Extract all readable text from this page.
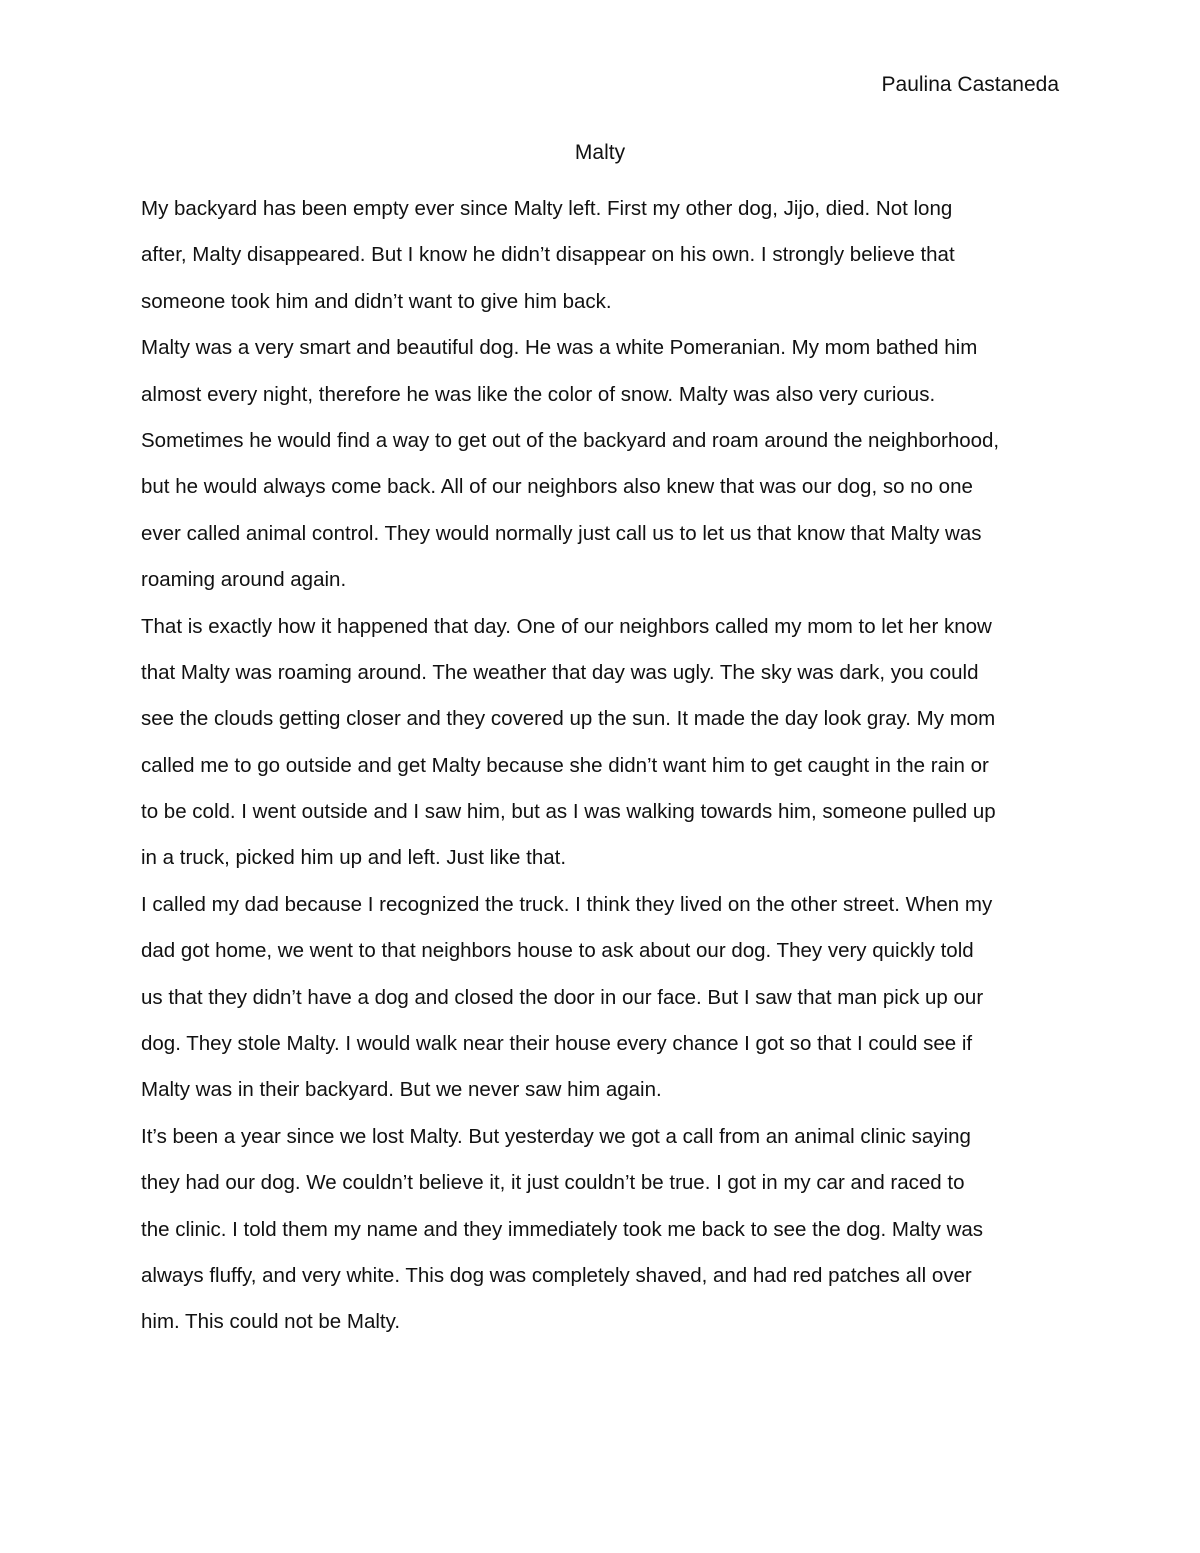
Paulina Castaneda
Malty
My backyard has been empty ever since Malty left. First my other dog, Jijo, died. Not long
after, Malty disappeared. But I know he didn’t disappear on his own. I strongly believe that
someone took him and didn’t want to give him back.
Malty was a very smart and beautiful dog. He was a white Pomeranian. My mom bathed him
almost every night, therefore he was like the color of snow. Malty was also very curious.
Sometimes he would find a way to get out of the backyard and roam around the neighborhood,
but he would always come back. All of our neighbors also knew that was our dog, so no one
ever called animal control. They would normally just call us to let us that know that Malty was
roaming around again.
That is exactly how it happened that day. One of our neighbors called my mom to let her know
that Malty was roaming around. The weather that day was ugly. The sky was dark, you could
see the clouds getting closer and they covered up the sun. It made the day look gray. My mom
called me to go outside and get Malty because she didn’t want him to get caught in the rain or
to be cold. I went outside and I saw him, but as I was walking towards him, someone pulled up
in a truck, picked him up and left. Just like that.
I called my dad because I recognized the truck. I think they lived on the other street. When my
dad got home, we went to that neighbors house to ask about our dog. They very quickly told
us that they didn’t have a dog and closed the door in our face. But I saw that man pick up our
dog. They stole Malty. I would walk near their house every chance I got so that I could see if
Malty was in their backyard. But we never saw him again.
It’s been a year since we lost Malty. But yesterday we got a call from an animal clinic saying
they had our dog. We couldn’t believe it, it just couldn’t be true. I got in my car and raced to
the clinic. I told them my name and they immediately took me back to see the dog. Malty was
always fluffy, and very white. This dog was completely shaved, and had red patches all over
him. This could not be Malty.
